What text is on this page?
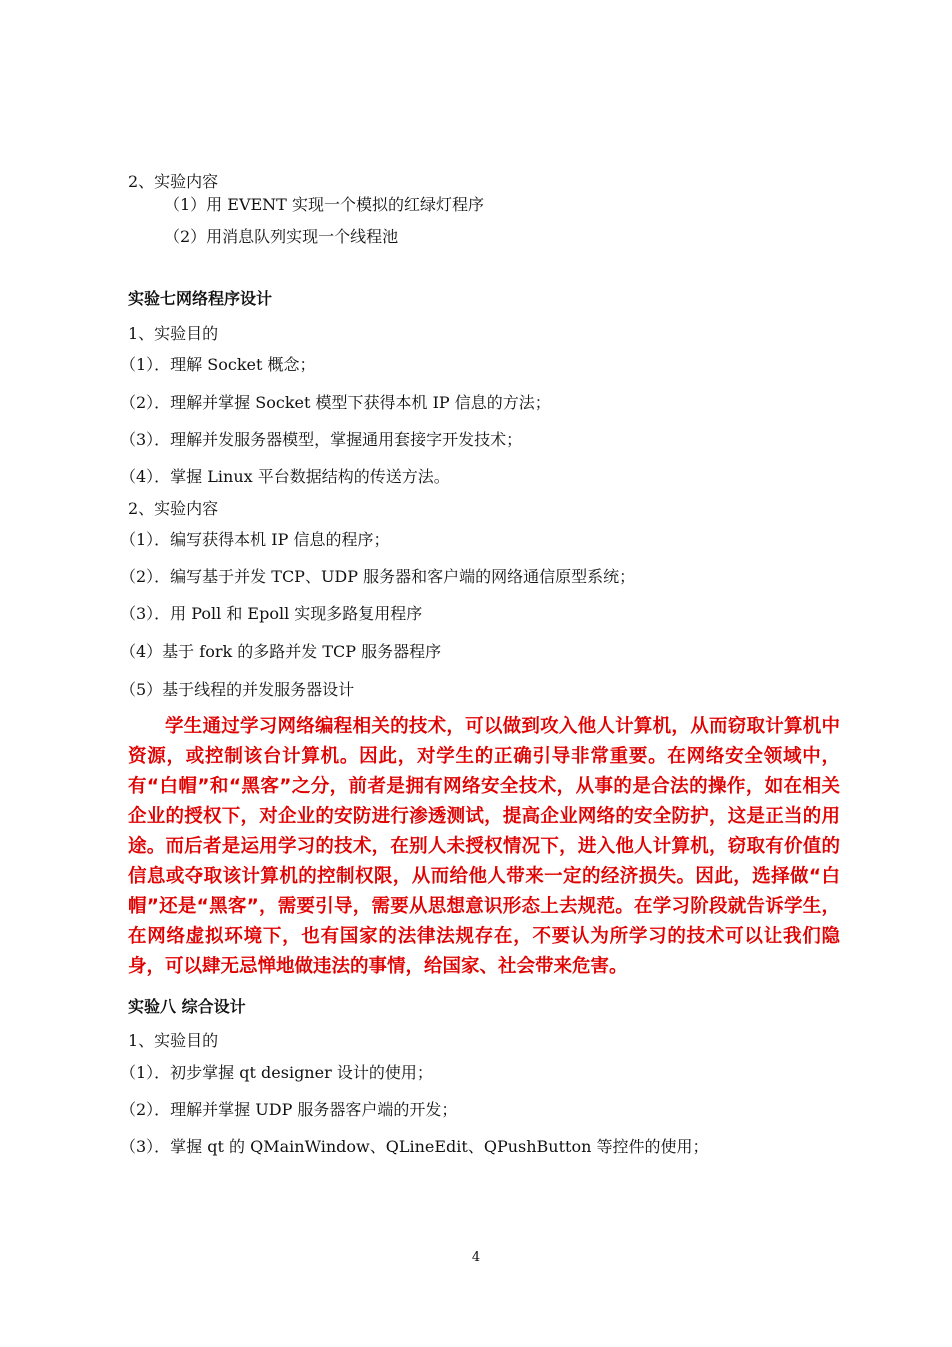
2、实验内容
（1）用 EVENT 实现一个模拟的红绿灯程序
（2）用消息队列实现一个线程池
实验七网络程序设计
1、实验目的
（1）．理解 Socket 概念；
（2）．理解并掌握 Socket 模型下获得本机 IP 信息的方法；
（3）．理解并发服务器模型，掌握通用套接字开发技术；
（4）．掌握 Linux 平台数据结构的传送方法。
2、实验内容
（1）．编写获得本机 IP 信息的程序；
（2）．编写基于并发 TCP、UDP 服务器和客户端的网络通信原型系统；
（3）．用 Poll 和 Epoll 实现多路复用程序
（4）基于 fork 的多路并发 TCP 服务器程序
（5）基于线程的并发服务器设计

学生通过学习网络编程相关的技术，可以做到攻入他人计算机，从而窃取计算机中资源，或控制该台计算机。因此，对学生的正确引导非常重要。在网络安全领域中，有“白帽”和“黑客”之分，前者是拥有网络安全技术，从事的是合法的操作，如在相关企业的授权下，对企业的安防进行渗透测试，提高企业网络的安全防护，这是正当的用途。而后者是运用学习的技术，在别人未授权情况下，进入他人计算机，窃取有价值的信息或夺取该计算机的控制权限，从而给他人带来一定的经济损失。因此，选择做“白帽”还是“黑客”，需要引导，需要从思想意识形态上去规范。在学习阶段就告诉学生，在网络虚拟环境下，也有国家的法律法规存在，不要认为所学习的技术可以让我们隐身，可以肆无忌惮地做违法的事情，给国家、社会带来危害。

实验八 综合设计
1、实验目的
（1）．初步掌握 qt designer 设计的使用；
（2）．理解并掌握 UDP 服务器客户端的开发；
（3）．掌握 qt 的 QMainWindow、QLineEdit、QPushButton 等控件的使用；
4
